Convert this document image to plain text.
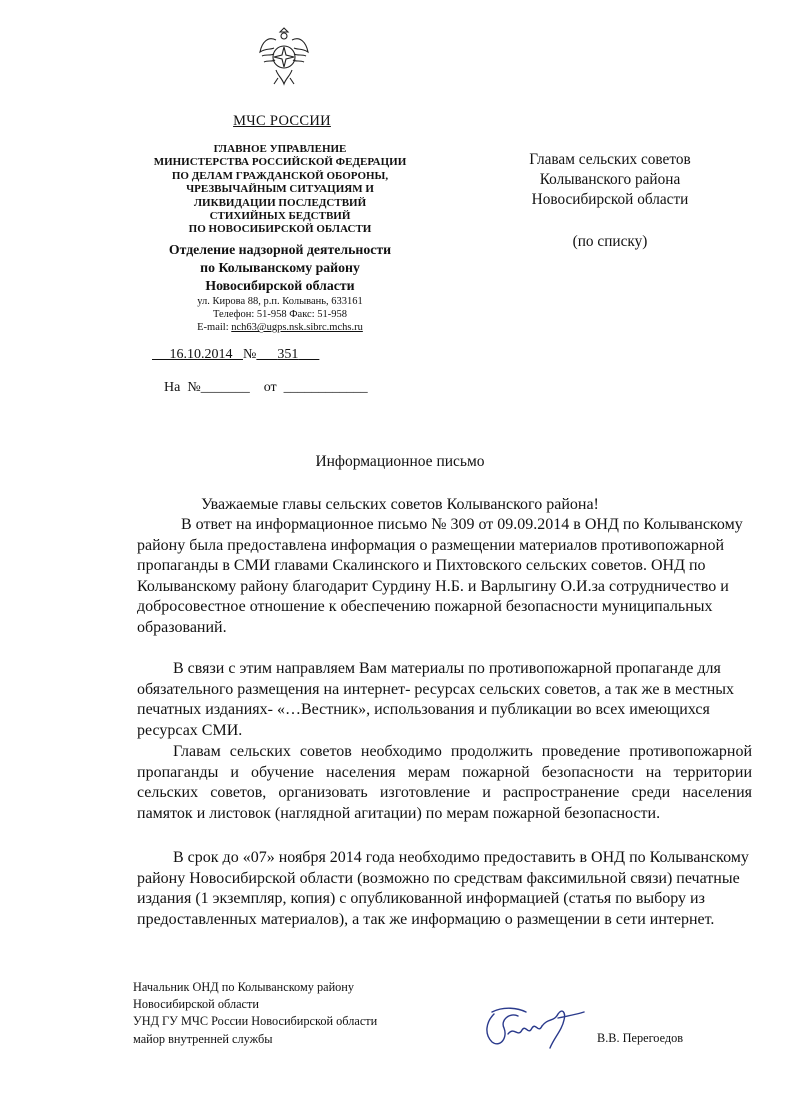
МЧС РОССИИ
ГЛАВНОЕ УПРАВЛЕНИЕ
МИНИСТЕРСТВА РОССИЙСКОЙ ФЕДЕРАЦИИ
ПО ДЕЛАМ ГРАЖДАНСКОЙ ОБОРОНЫ,
ЧРЕЗВЫЧАЙНЫМ СИТУАЦИЯМ И
ЛИКВИДАЦИИ ПОСЛЕДСТВИЙ
СТИХИЙНЫХ БЕДСТВИЙ
ПО НОВОСИБИРСКОЙ ОБЛАСТИ
Отделение надзорной деятельности
по Колыванскому району
Новосибирской области
ул. Кирова 88, р.п. Колывань, 633161
Телефон: 51-958 Факс: 51-958
E-mail: nch63@ugps.nsk.sibrc.mchs.ru
16.10.2014 № 351
На  №_______    от  ____________
Главам сельских советов
Колыванского района
Новосибирской области
(по списку)
Информационное письмо
Уважаемые главы сельских советов Колыванского района!

В ответ на информационное письмо № 309 от 09.09.2014 в ОНД по Колыванскому району была предоставлена информация о размещении материалов противопожарной пропаганды в СМИ главами Скалинского и Пихтовского сельских советов. ОНД по Колыванскому району благодарит Сурдину Н.Б. и Варлыгину О.И.за сотрудничество и добросовестное отношение к обеспечению пожарной безопасности муниципальных образований.

В связи с этим направляем Вам материалы по противопожарной пропаганде для обязательного размещения на интернет- ресурсах сельских советов, а так же в местных печатных изданиях- «…Вестник», использования и публикации во всех имеющихся ресурсах СМИ.

Главам сельских советов необходимо продолжить проведение противопожарной пропаганды и обучение населения мерам пожарной безопасности на территории сельских советов, организовать изготовление и распространение среди населения памяток и листовок (наглядной агитации) по мерам пожарной безопасности.

В срок до «07» ноября 2014 года необходимо предоставить в ОНД по Колыванскому району Новосибирской области (возможно по средствам факсимильной связи) печатные издания (1 экземпляр, копия) с опубликованной информацией (статья по выбору из предоставленных материалов), а так же информацию о размещении в сети интернет.

Начальник ОНД по Колыванскому району
Новосибирской области
УНД ГУ МЧС России Новосибирской области
майор внутренней службы	В.В. Перегоедов
